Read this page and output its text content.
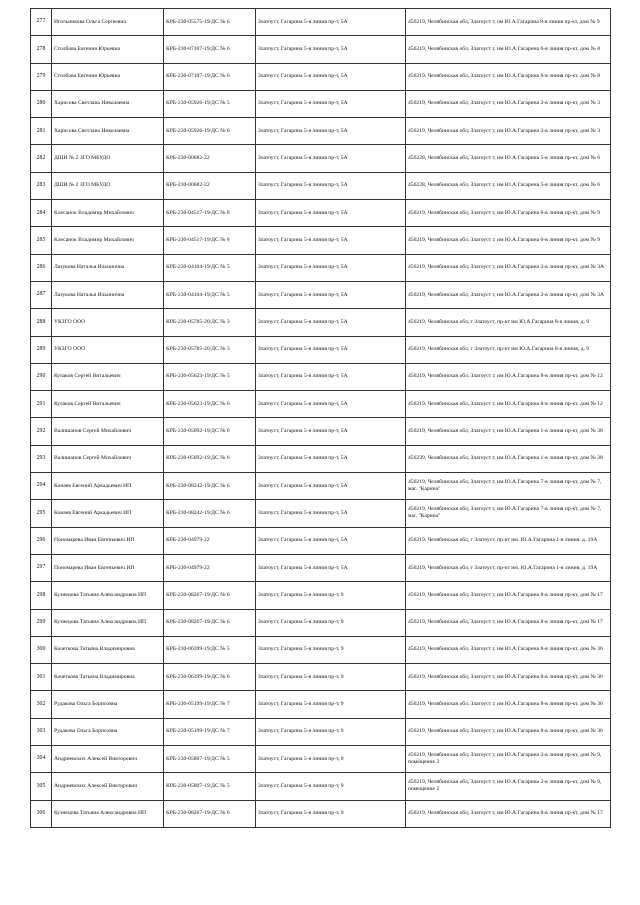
277	Игольникова Ольга Сергеевна	КРБ-230-05575-19/ДС № 6	Златоуст, Гагарина 5-я линия пр-т, 5А	456219, Челябинская обл, Златоуст г, ом Ю.А.Гагарина 8-я линия пр-кт, дом № 9
278	Столбова Евгения Юрьевна	КРБ-230-07107-19/ДС № 6	Златоуст, Гагарина 5-я линия пр-т, 5А	456219, Челябинская обл, Златоуст г, им Ю.А.Гагарина 6-я линия пр-кт, дом № 8
279	Столбова Евгения Юрьевна	КРБ-230-07107-19/ДС № 6	Златоуст, Гагарина 5-я линия пр-т, 5А	456219, Челябинская обл, Златоуст г, им Ю.А.Гагарина 6-я линия пр-кт, дом № 8
280	Харисова Светлана Николаевна	КРБ-230-05926-19/ДС № 5	Златоуст, Гагарина 5-я линия пр-т, 5А	456219, Челябинская обл, Златоуст г, им Ю.А.Гагарина 2-я линия пр-кт, дом № 3
281	Харисова Светлана Николаевна	КРБ-230-05926-19/ДС № 6	Златоуст, Гагарина 5-я линия пр-т, 5А	456219, Челябинская обл, Златоуст г, им Ю.А.Гагарина 2-я линия пр-кт, дом № 3
282	ДШИ № 2 ЗГО МБУДО	КРБ-230-00682-22	Златоуст, Гагарина 5-я линия пр-т, 5А	456228, Челябинская обл, Златоуст г, им Ю.А.Гагарина 5-я линия пр-кт, дом № 6
283	ДШИ № 2 ЗГО МБУДО	КРБ-230-00682-22	Златоуст, Гагарина 5-я линия пр-т, 5А	456228, Челябинская обл, Златоуст г, им Ю.А.Гагарина 5-я линия пр-кт, дом № 6
284	Клесанок Владимир Михайлович	КРБ-230-04517-19/ДС № 8	Златоуст, Гагарина 5-я линия пр-т, 5А	456219, Челябинская обл, Златоуст г, им Ю.А.Гагарина 6-я линия пр-кт, дом № 9
285	Клесанок Владимир Михайлович	КРБ-230-04517-19/ДС № 8	Златоуст, Гагарина 5-я линия пр-т, 5А	456219, Челябинская обл, Златоуст г, им Ю.А.Гагарина 6-я линия пр-кт, дом № 9
286	Лазукова Наталья Ильинична	КРБ-230-04104-19/ДС № 5	Златоуст, Гагарина 5-я линия пр-т, 5А	456219, Челябинская обл, Златоуст г, им Ю.А.Гагарина 2-я линия пр-кт, дом № 3А
287	Лазукова Наталья Ильинична	КРБ-230-04104-19/ДС № 5	Златоуст, Гагарина 5-я линия пр-т, 5А	456219, Челябинская обл, Златоуст г, им Ю.А.Гагарина 2-я линия пр-кт, дом № 3А
288	УКЗГО ООО	КРБ-230-05785-20/ДС № 3	Златоуст, Гагарина 5-я линия пр-т, 5А	456219, Челябинская обл, г Златоуст, пр-кт им Ю.А.Гагарина 8-я линия, д. 9
289	УКЗГО ООО	КРБ-230-05785-20/ДС № 3	Златоуст, Гагарина 5-я линия пр-т, 5А	456219, Челябинская обл, г Златоуст, пр-кт им Ю.А.Гагарина 8-я линия, д. 9
290	Кулаков Сергей Витальевич	КРБ-230-05623-19/ДС № 5	Златоуст, Гагарина 5-я линия пр-т, 5А	456219, Челябинская обл, Златоуст г, им Ю.А.Гагарина 8-я линия пр-кт, дом № 12
291	Кулаков Сергей Витальевич	КРБ-230-05623-19/ДС № 6	Златоуст, Гагарина 5-я линия пр-т, 5А	456219, Челябинская обл, Златоуст г, им Ю.А.Гагарина 8-я линия пр-кт, дом № 12
292	Валишанов Сергей Михайлович	КРБ-230-05692-19/ДС № 6	Златоуст, Гагарина 5-я линия пр-т, 5А	456219, Челябинская обл, Златоуст г, им Ю.А.Гагарина 1-я линия пр-кт, дом № 38
293	Валишанов Сергей Михайлович	КРБ-230-05692-19/ДС № 6	Златоуст, Гагарина 5-я линия пр-т, 5А	456239, Челябинская обл, Златоуст г, им Ю.А.Гагарина 1-я линия пр-кт, дом № 38
294	Конаев Евгений Аркадьевич ИП	КРБ-230-08242-19/ДС № 6	Златоуст, Гагарина 5-я линия пр-т, 5А	456219, Челябинская обл, Златоуст г, им Ю.А.Гагарина 7-я линия пр-кт, дом № 7, маг. "Карина"
295	Конаев Евгений Аркадьевич ИП	КРБ-230-08242-19/ДС № 6	Златоуст, Гагарина 5-я линия пр-т, 5А	456219, Челябинская обл, Златоуст г, им Ю.А.Гагарина 7-я линия пр-кт, дом № 7, маг. "Карина"
296	Пономарева Иван Евгеньевич ИП	КРБ-230-04979-22	Златоуст, Гагарина 5-я линия пр-т, 5А	456219, Челябинская обл, г Златоуст, пр-кт им. Ю.А.Гагарина 1-я линия, д. 19А
297	Пономарева Иван Евгеньевич ИП	КРБ-230-04979-22	Златоуст, Гагарина 5-я линия пр-т, 5А	456219, Челябинская обл, г Златоуст, пр-кт им. Ю.А.Гагарина 1-я линия, д. 19А
298	Кузнецова Татьяна Александровна ИП	КРБ-230-08267-19/ДС № 6	Златоуст, Гагарина 5-я линия пр-т, 9	456219, Челябинская обл, Златоуст г, им Ю.А.Гагарина 8-я линия пр-кт, дом № 17
299	Кузнецова Татьяна Александровна ИП	КРБ-230-08267-19/ДС № 6	Златоуст, Гагарина 5-я линия пр-т, 9	456219, Челябинская обл, Златоуст г, им Ю.А.Гагарина 8-я линия пр-кт, дом № 17
300	Кочеткова Татьяна Владимировна	КРБ-230-06399-19/ДС № 5	Златоуст, Гагарина 5-я линия пр-т, 9	456219, Челябинская обл, Златоуст г, им Ю.А.Гагарина 8-я линия пр-кт, дом № 36
301	Кочеткова Татьяна Владимировна	КРБ-230-06399-19/ДС № 6	Златоуст, Гагарина 5-я линия пр-т, 9	456219, Челябинская обл, Златоуст г, им Ю.А.Гагарина 8-я линия пр-кт, дом № 36
302	Рудакова Ольга Борисовна	КРБ-230-05199-19/ДС № 7	Златоуст, Гагарина 5-я линия пр-т, 9	456219, Челябинская обл, Златоуст г, им Ю.А.Гагарина 8-я линия пр-кт, дом № 36
303	Рудакова Ольга Борисовна	КРБ-230-05199-19/ДС № 7	Златоуст, Гагарина 5-я линия пр-т, 9	456219, Челябинская обл, Златоуст г, им Ю.А.Гагарина 8-я линия пр-кт, дом № 36
304	Андриевских Алексей Викторович	КРБ-230-05807-19/ДС № 5	Златоуст, Гагарина 5-я линия пр-т, 9	456219, Челябинская обл, Златоуст г, им Ю.А.Гагарина 2-я линия пр-кт, дом № 9, помещение 2
305	Андриевских Алексей Викторович	КРБ-230-05807-19/ДС № 5	Златоуст, Гагарина 5-я линия пр-т, 9	456219, Челябинская обл, Златоуст г, им Ю.А.Гагарина 2-я линия пр-кт, дом № 9, помещение 2
306	Кузнецова Татьяна Александровна ИП	КРБ-230-08267-19/ДС № 6	Златоуст, Гагарина 5-я линия пр-т, 9	456219, Челябинская обл, Златоуст г, им Ю.А.Гагарина 8-я линия пр-кт, дом № 17
